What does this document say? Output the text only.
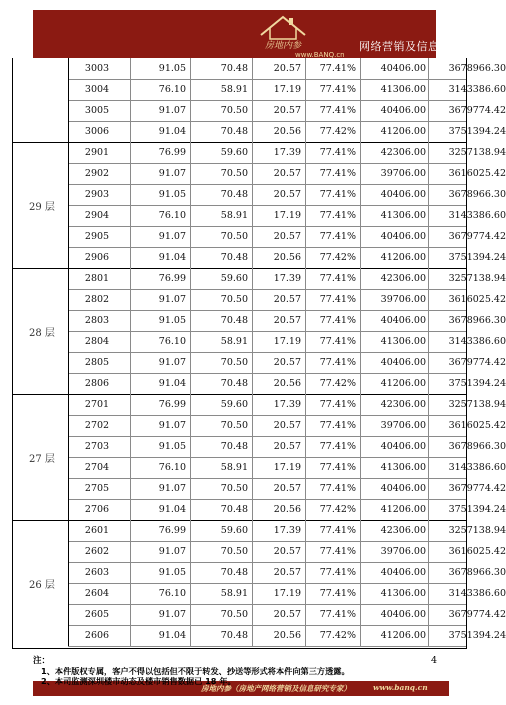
房地内参
www.BANQ.cn
网络营销及信息研究专家
3003	91.05	70.48	20.57	77.41%	40406.00	3678966.30
3004	76.10	58.91	17.19	77.41%	41306.00	3143386.60
3005	91.07	70.50	20.57	77.41%	40406.00	3679774.42
3006	91.04	70.48	20.56	77.42%	41206.00	3751394.24
2901	76.99	59.60	17.39	77.41%	42306.00	3257138.94
2902	91.07	70.50	20.57	77.41%	39706.00	3616025.42
2903	91.05	70.48	20.57	77.41%	40406.00	3678966.30
2904	76.10	58.91	17.19	77.41%	41306.00	3143386.60
2905	91.07	70.50	20.57	77.41%	40406.00	3679774.42
2906	91.04	70.48	20.56	77.42%	41206.00	3751394.24
29 层
2801	76.99	59.60	17.39	77.41%	42306.00	3257138.94
2802	91.07	70.50	20.57	77.41%	39706.00	3616025.42
2803	91.05	70.48	20.57	77.41%	40406.00	3678966.30
2804	76.10	58.91	17.19	77.41%	41306.00	3143386.60
2805	91.07	70.50	20.57	77.41%	40406.00	3679774.42
2806	91.04	70.48	20.56	77.42%	41206.00	3751394.24
28 层
2701	76.99	59.60	17.39	77.41%	42306.00	3257138.94
2702	91.07	70.50	20.57	77.41%	39706.00	3616025.42
2703	91.05	70.48	20.57	77.41%	40406.00	3678966.30
2704	76.10	58.91	17.19	77.41%	41306.00	3143386.60
2705	91.07	70.50	20.57	77.41%	40406.00	3679774.42
2706	91.04	70.48	20.56	77.42%	41206.00	3751394.24
27 层
2601	76.99	59.60	17.39	77.41%	42306.00	3257138.94
2602	91.07	70.50	20.57	77.41%	39706.00	3616025.42
2603	91.05	70.48	20.57	77.41%	40406.00	3678966.30
2604	76.10	58.91	17.19	77.41%	41306.00	3143386.60
2605	91.07	70.50	20.57	77.41%	40406.00	3679774.42
2606	91.04	70.48	20.56	77.42%	41206.00	3751394.24
26 层
注：
1、本件版权专属，客户不得以包括但不限于转发、抄送等形式将本件向第三方透露。
4
房地内参（房地产网络营销及信息研究专家）	www.banq.cn
2、本司监测深圳楼市动态及楼市销售数据已 18 年。
